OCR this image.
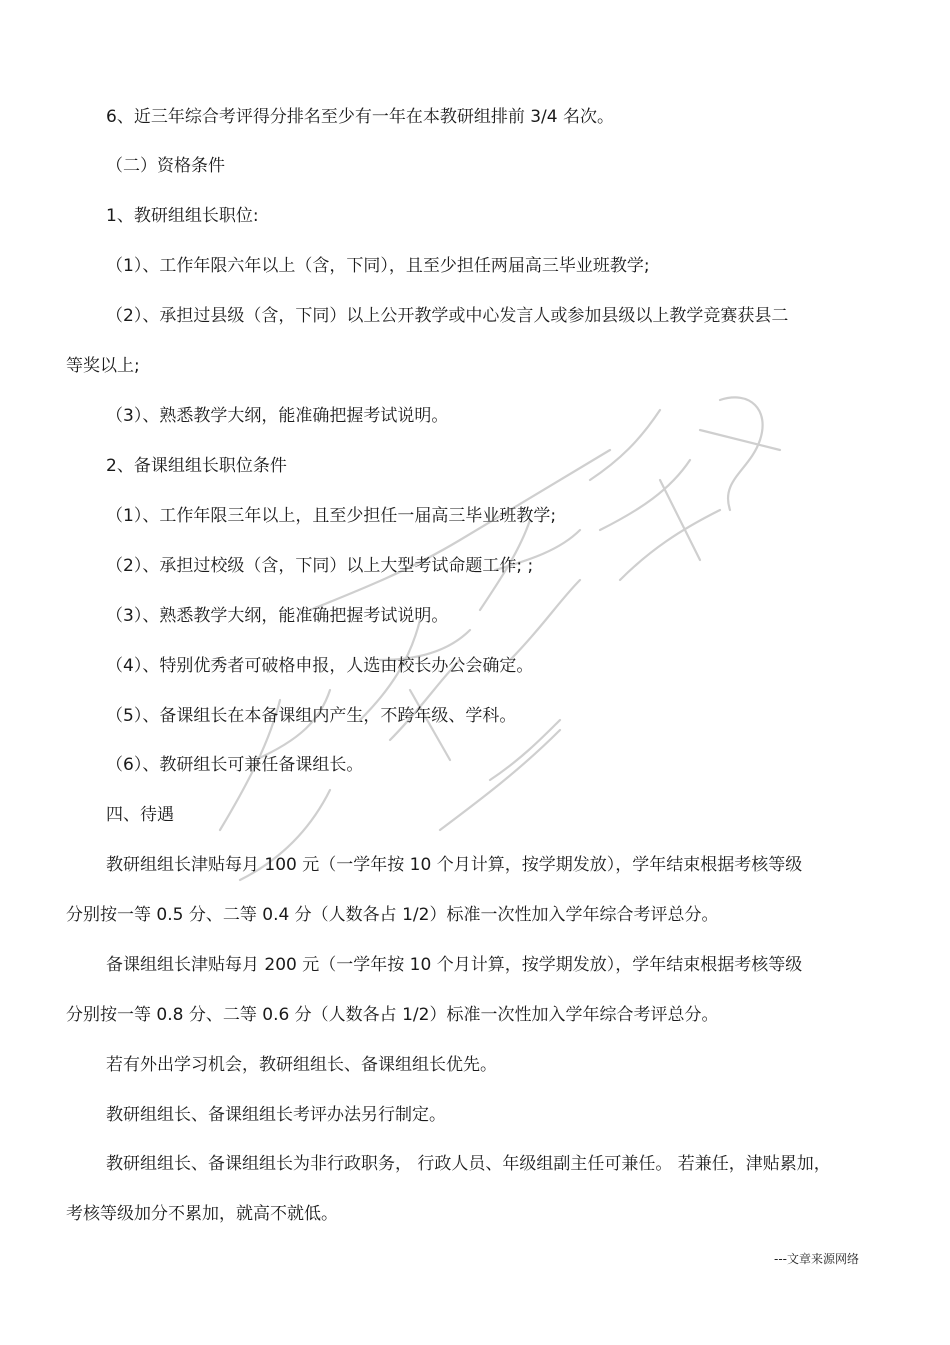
6、近三年综合考评得分排名至少有一年在本教研组排前 3/4 名次。

（二）资格条件

1、教研组组长职位:

（1）、工作年限六年以上（含，下同），且至少担任两届高三毕业班教学;

（2）、承担过县级（含，下同）以上公开教学或中心发言人或参加县级以上教学竞赛获县二

等奖以上;

（3）、熟悉教学大纲，能准确把握考试说明。

2、备课组组长职位条件

（1）、工作年限三年以上，且至少担任一届高三毕业班教学;

（2）、承担过校级（含，下同）以上大型考试命题工作; ;

（3）、熟悉教学大纲，能准确把握考试说明。

（4）、特别优秀者可破格申报，人选由校长办公会确定。

（5）、备课组长在本备课组内产生，不跨年级、学科。

（6）、教研组长可兼任备课组长。

四、待遇

教研组组长津贴每月 100 元（一学年按 10 个月计算，按学期发放），学年结束根据考核等级

分别按一等 0.5 分、二等 0.4 分（人数各占 1/2）标准一次性加入学年综合考评总分。

备课组组长津贴每月 200 元（一学年按 10 个月计算，按学期发放），学年结束根据考核等级

分别按一等 0.8 分、二等 0.6 分（人数各占 1/2）标准一次性加入学年综合考评总分。

若有外出学习机会，教研组组长、备课组组长优先。

教研组组长、备课组组长考评办法另行制定。

教研组组长、备课组组长为非行政职务， 行政人员、年级组副主任可兼任。 若兼任，津贴累加，

考核等级加分不累加，就高不就低。

---文章来源网络
